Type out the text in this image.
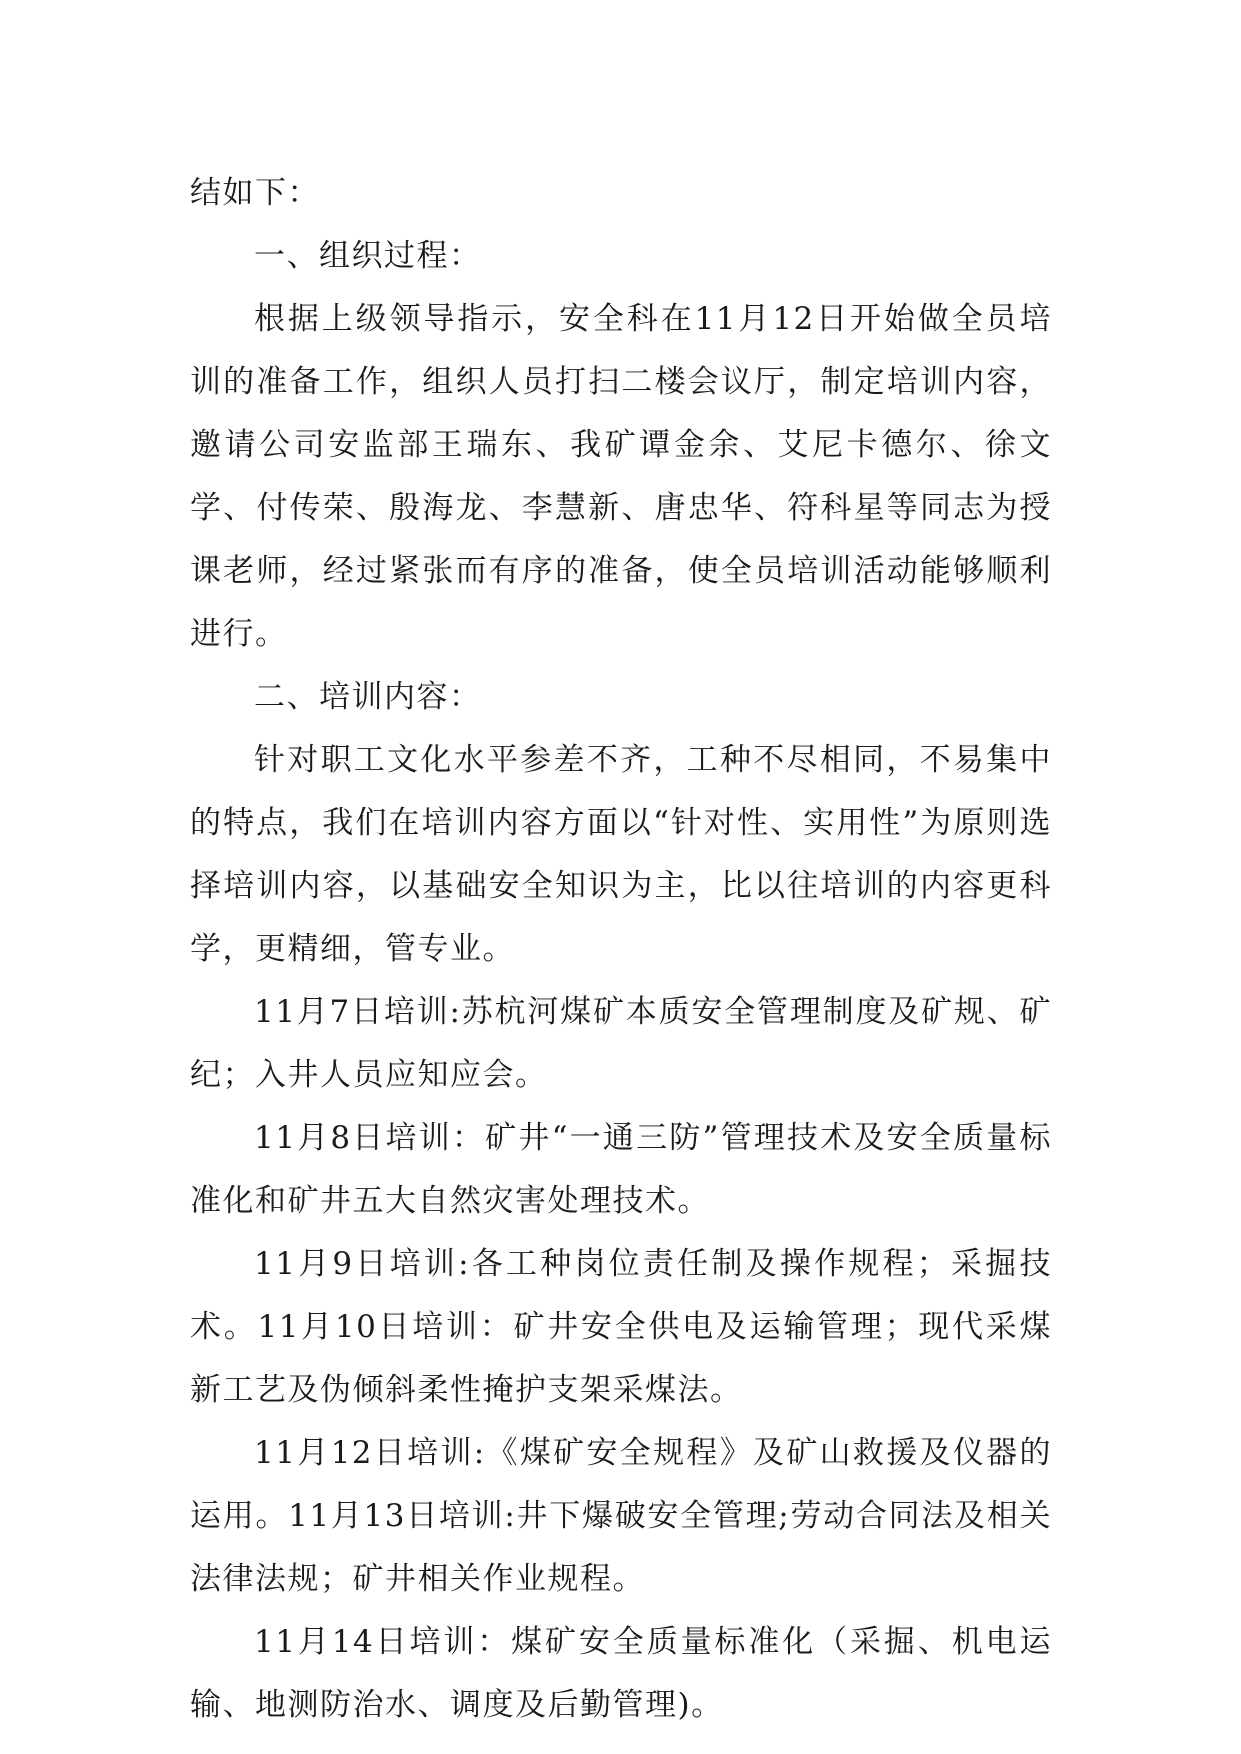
结如下：

一、组织过程：

根据上级领导指示，安全科在11月12日开始做全员培训的准备工作，组织人员打扫二楼会议厅，制定培训内容，邀请公司安监部王瑞东、我矿谭金余、艾尼卡德尔、徐文学、付传荣、殷海龙、李慧新、唐忠华、符科星等同志为授课老师，经过紧张而有序的准备，使全员培训活动能够顺利进行。

二、培训内容：

针对职工文化水平参差不齐，工种不尽相同，不易集中的特点，我们在培训内容方面以“针对性、实用性”为原则选择培训内容，以基础安全知识为主，比以往培训的内容更科学，更精细，管专业。

11月7日培训:苏杭河煤矿本质安全管理制度及矿规、矿纪；入井人员应知应会。

11月8日培训：矿井“一通三防”管理技术及安全质量标准化和矿井五大自然灾害处理技术。

11月9日培训:各工种岗位责任制及操作规程；采掘技术。11月10日培训：矿井安全供电及运输管理；现代采煤新工艺及伪倾斜柔性掩护支架采煤法。

11月12日培训:《煤矿安全规程》及矿山救援及仪器的运用。11月13日培训:井下爆破安全管理;劳动合同法及相关法律法规；矿井相关作业规程。

11月14日培训：煤矿安全质量标准化（采掘、机电运输、地测防治水、调度及后勤管理)。
